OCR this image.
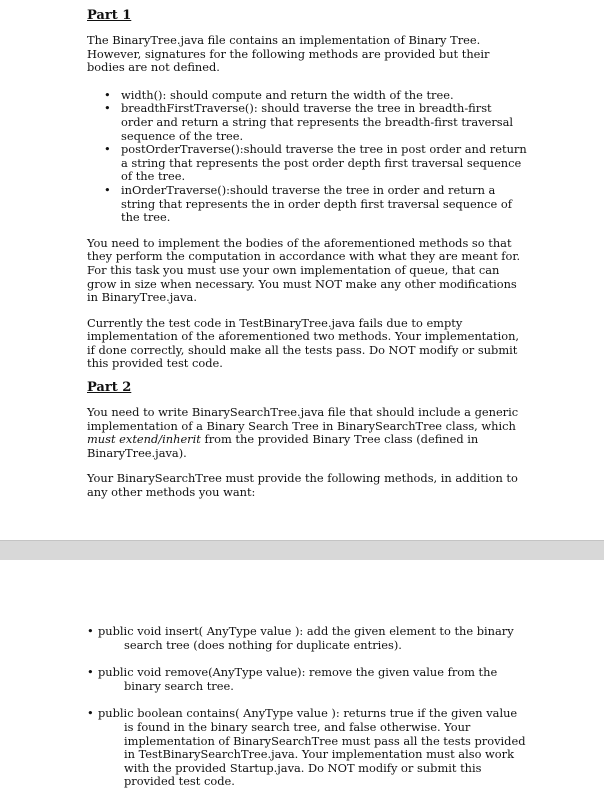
Part 1

The BinaryTree.java file contains an implementation of Binary Tree. However, signatures for the following methods are provided but their bodies are not defined.

• width(): should compute and return the width of the tree.
• breadthFirstTraverse(): should traverse the tree in breadth-first order and return a string that represents the breadth-first traversal sequence of the tree.
• postOrderTraverse():should traverse the tree in post order and return a string that represents the post order depth first traversal sequence of the tree.
• inOrderTraverse():should traverse the tree in order and return a string that represents the in order depth first traversal sequence of the tree.

You need to implement the bodies of the aforementioned methods so that they perform the computation in accordance with what they are meant for. For this task you must use your own implementation of queue, that can grow in size when necessary. You must NOT make any other modifications in BinaryTree.java.

Currently the test code in TestBinaryTree.java fails due to empty implementation of the aforementioned two methods. Your implementation, if done correctly, should make all the tests pass. Do NOT modify or submit this provided test code.

Part 2

You need to write BinarySearchTree.java file that should include a generic implementation of a Binary Search Tree in BinarySearchTree class, which must extend/inherit from the provided Binary Tree class (defined in BinaryTree.java).

Your BinarySearchTree must provide the following methods, in addition to any other methods you want:

• public void insert( AnyType value ): add the given element to the binary search tree (does nothing for duplicate entries).
• public void remove(AnyType value): remove the given value from the binary search tree.
• public boolean contains( AnyType value ): returns true if the given value is found in the binary search tree, and false otherwise. Your implementation of BinarySearchTree must pass all the tests provided in TestBinarySearchTree.java. Your implementation must also work with the provided Startup.java. Do NOT modify or submit this provided test code.
